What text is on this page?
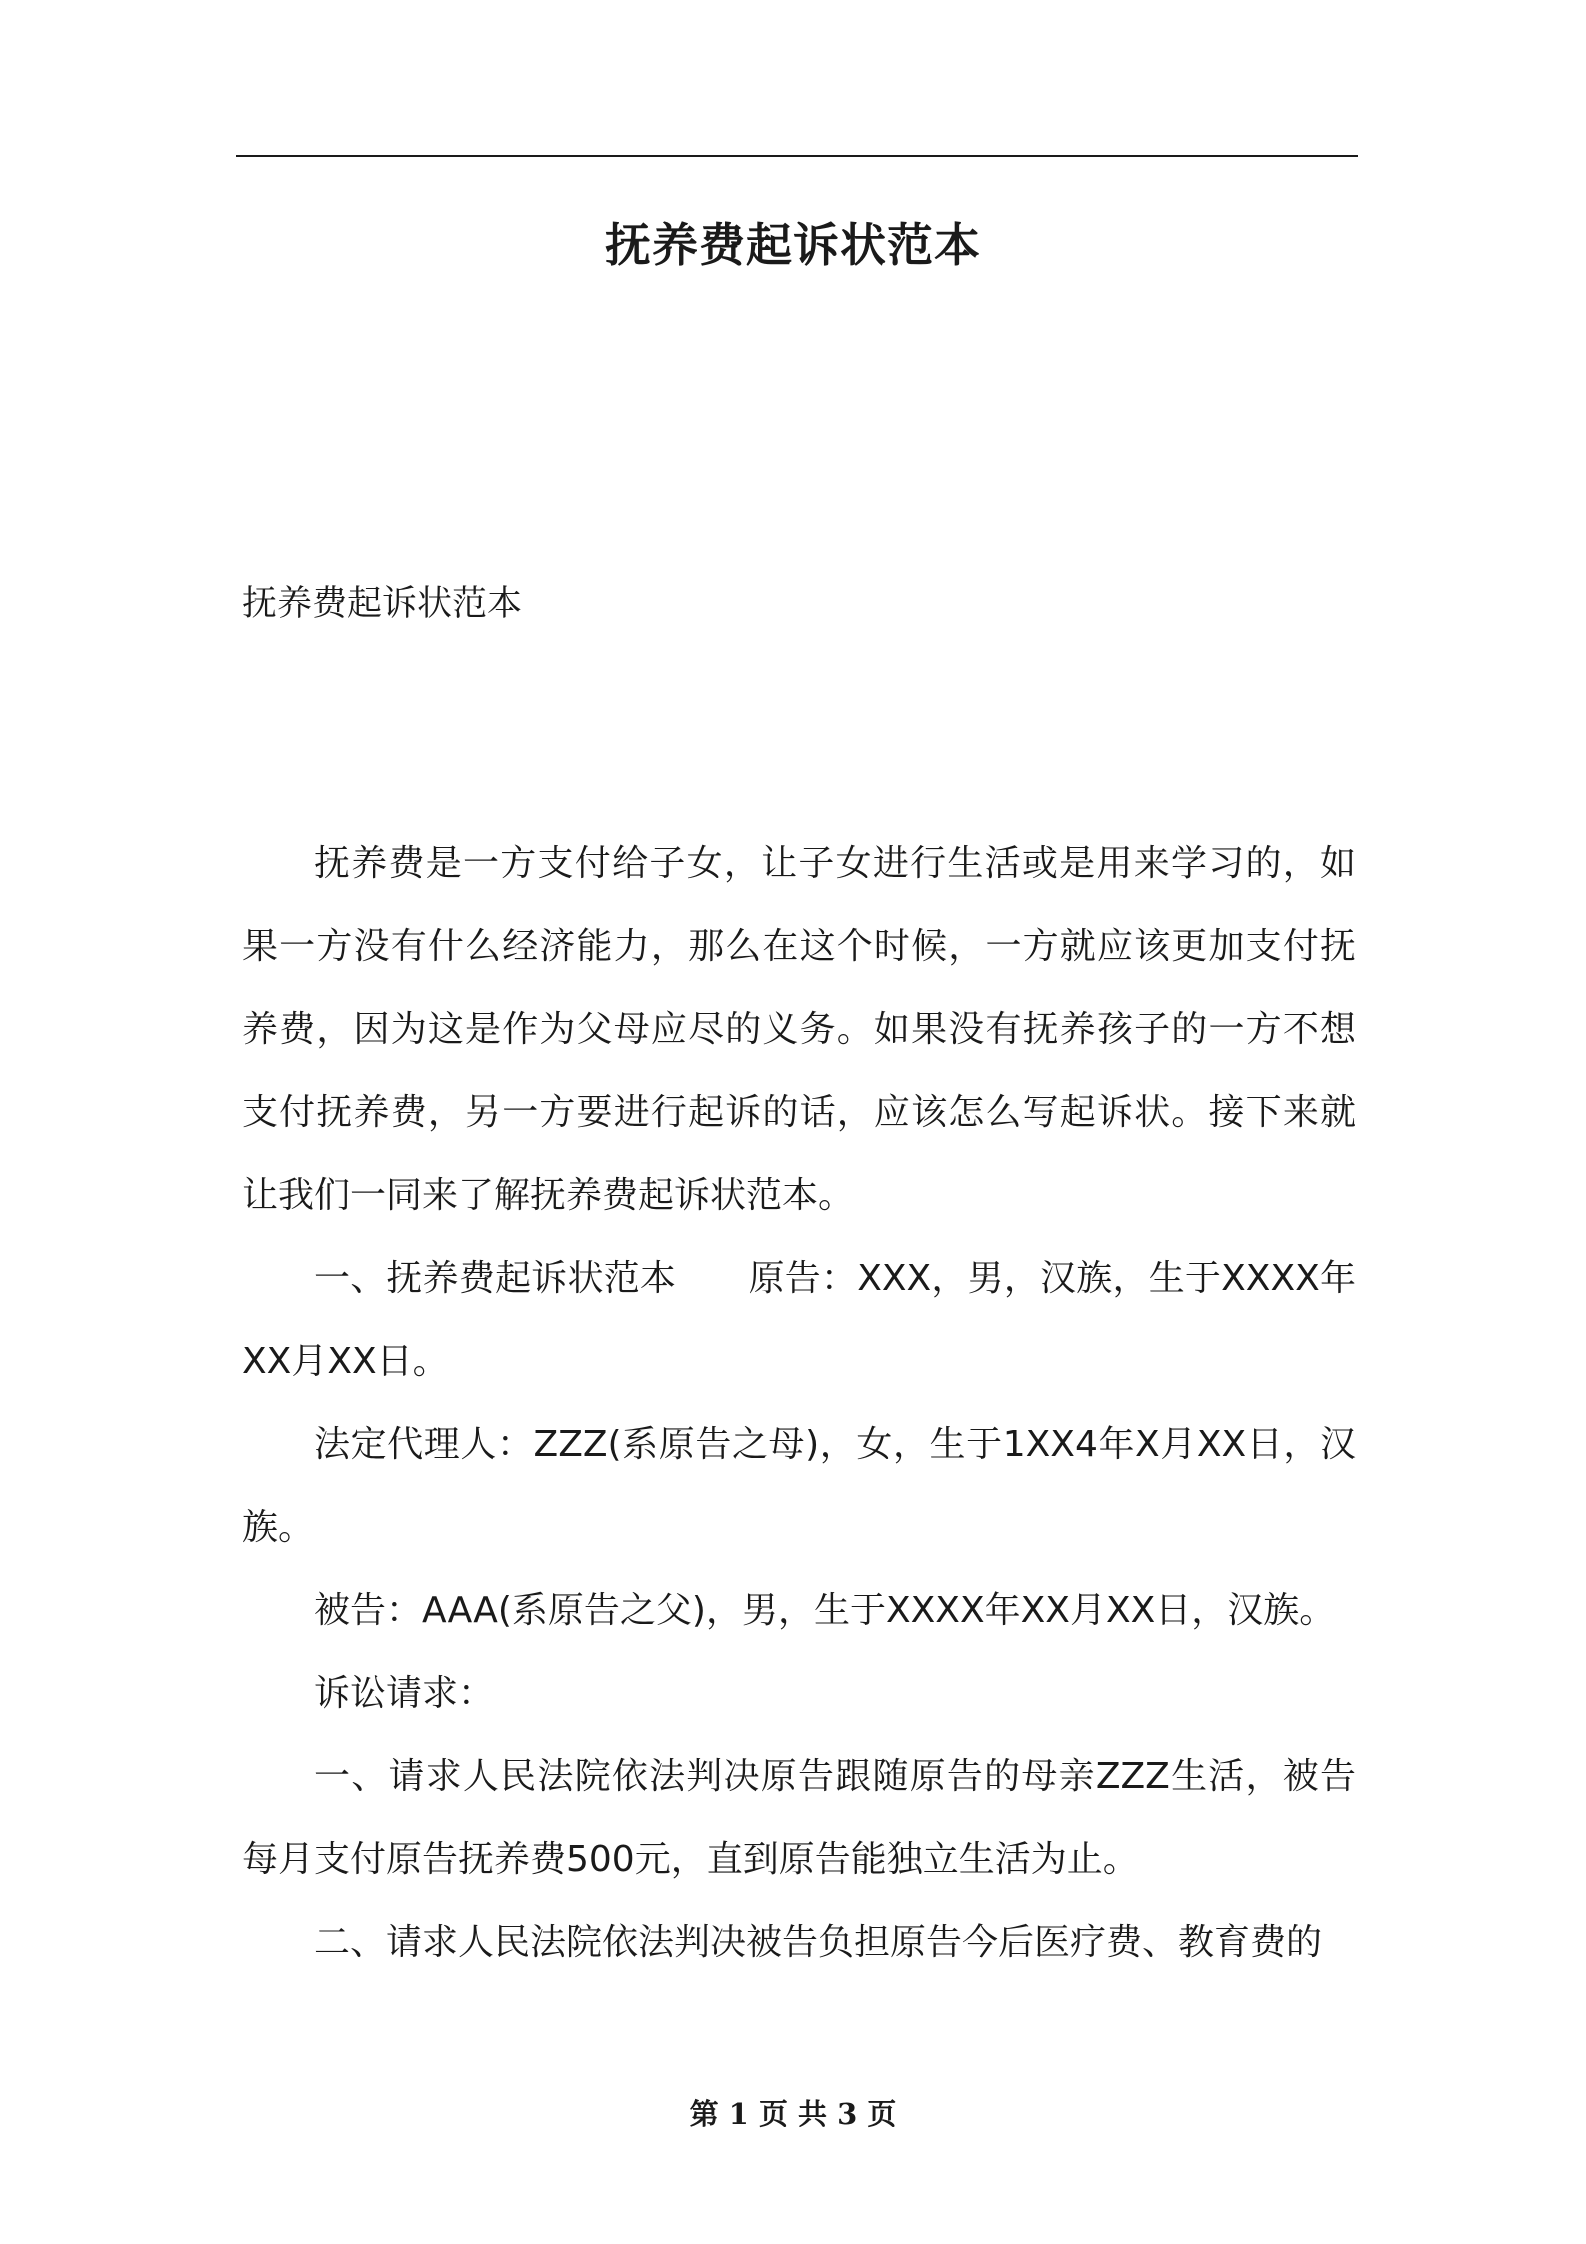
抚养费起诉状范本
抚养费起诉状范本

抚养费是一方支付给子女，让子女进行生活或是用来学习的，如果一方没有什么经济能力，那么在这个时候，一方就应该更加支付抚养费，因为这是作为父母应尽的义务。如果没有抚养孩子的一方不想支付抚养费，另一方要进行起诉的话，应该怎么写起诉状。接下来就让我们一同来了解抚养费起诉状范本。

一、抚养费起诉状范本　　原告：XXX，男，汉族，生于XXXX年XX月XX日。

法定代理人：ZZZ(系原告之母)，女，生于1XX4年X月XX日，汉族。

被告：AAA(系原告之父)，男，生于XXXX年XX月XX日，汉族。

诉讼请求：

一、请求人民法院依法判决原告跟随原告的母亲ZZZ生活，被告每月支付原告抚养费500元，直到原告能独立生活为止。

二、请求人民法院依法判决被告负担原告今后医疗费、教育费的

第 1 页 共 3 页
